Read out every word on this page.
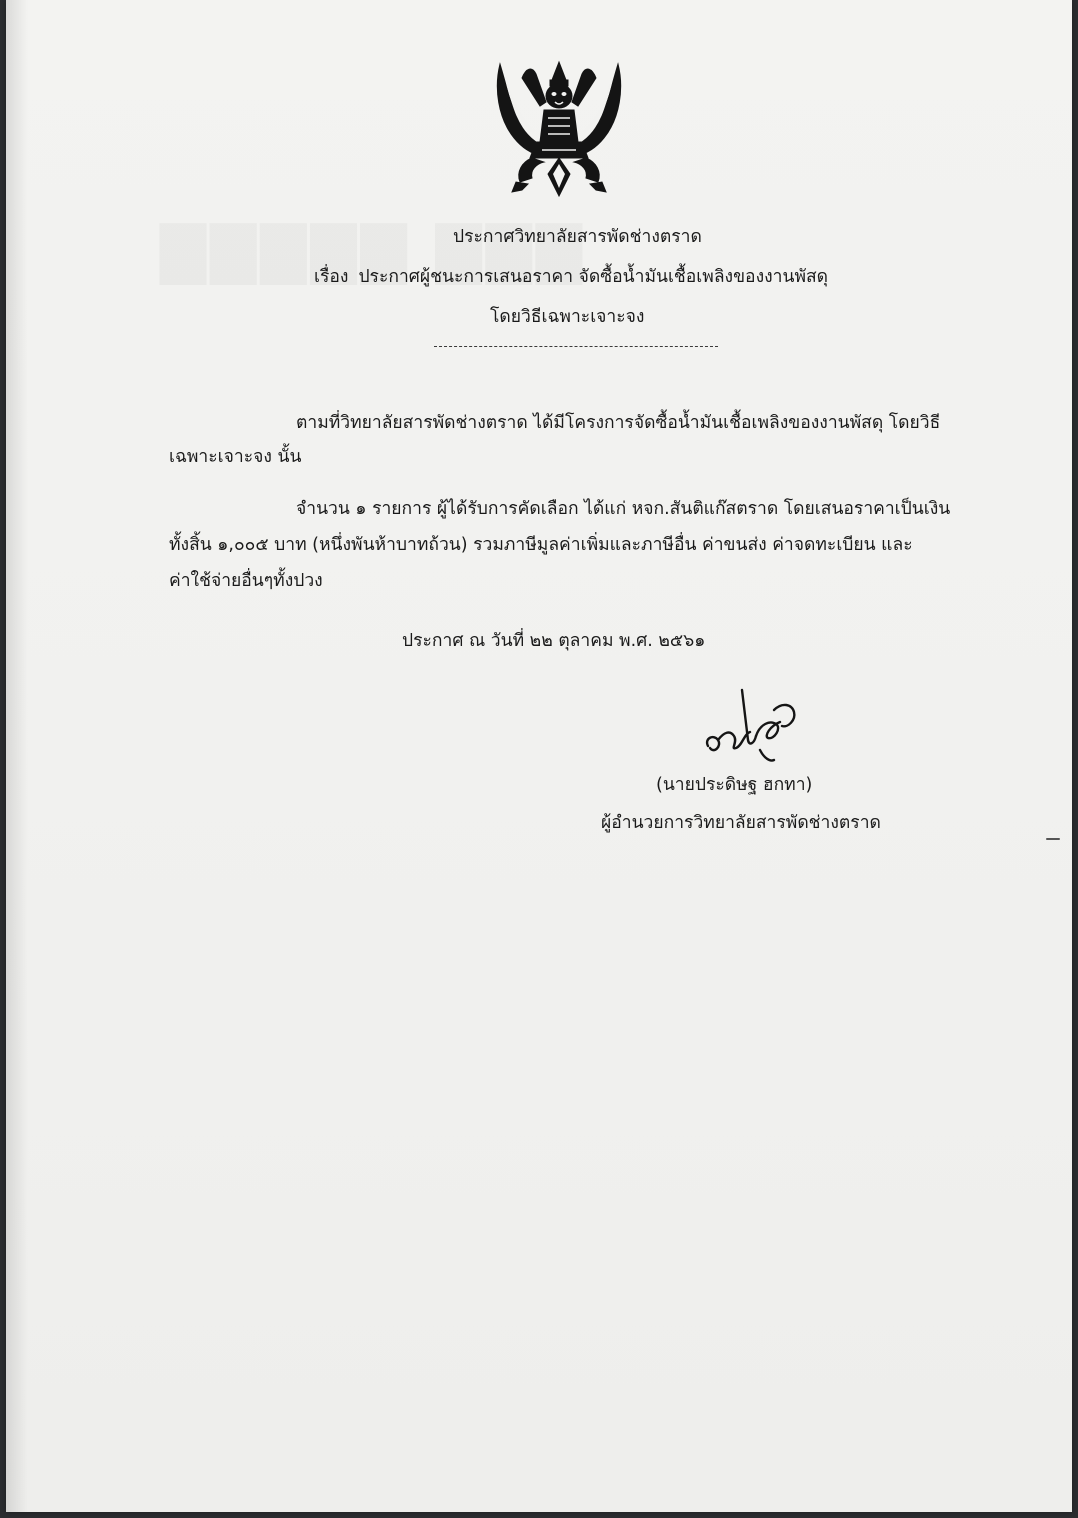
ประกาศวิทยาลัยสารพัดช่างตราด
เรื่อง ประกาศผู้ชนะการเสนอราคา จัดซื้อน้ำมันเชื้อเพลิงของงานพัสดุ
โดยวิธีเฉพาะเจาะจง
ตามที่วิทยาลัยสารพัดช่างตราด ได้มีโครงการจัดซื้อน้ำมันเชื้อเพลิงของงานพัสดุ โดยวิธี
เฉพาะเจาะจง นั้น
จำนวน ๑ รายการ ผู้ได้รับการคัดเลือก ได้แก่ หจก.สันติแก๊สตราด โดยเสนอราคาเป็นเงิน
ทั้งสิ้น ๑,๐๐๕ บาท (หนึ่งพันห้าบาทถ้วน) รวมภาษีมูลค่าเพิ่มและภาษีอื่น ค่าขนส่ง ค่าจดทะเบียน และ
ค่าใช้จ่ายอื่นๆทั้งปวง
ประกาศ ณ วันที่ ๒๒ ตุลาคม พ.ศ. ๒๕๖๑
(นายประดิษฐ ฮกทา)
ผู้อำนวยการวิทยาลัยสารพัดช่างตราด
